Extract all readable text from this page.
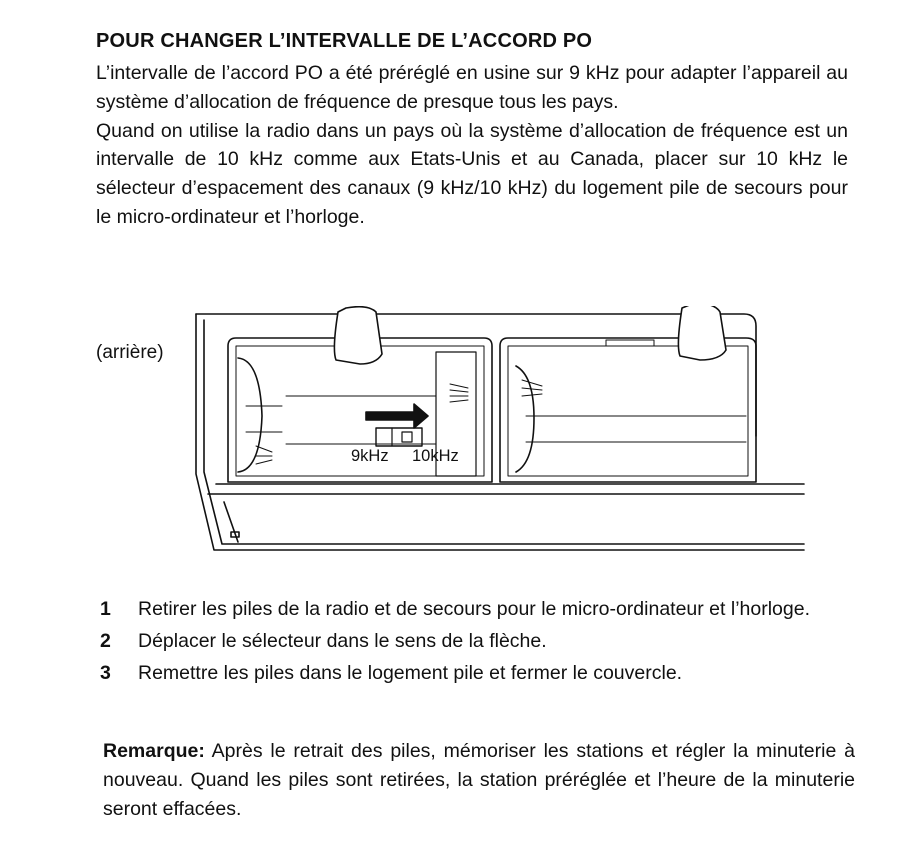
POUR CHANGER L’INTERVALLE DE L’ACCORD PO

L’intervalle de l’accord PO a été préréglé en usine sur 9 kHz pour adapter l’appareil au système d’allocation de fréquence de presque tous les pays.

Quand on utilise la radio dans un pays où la système d’allocation de fréquence est un intervalle de 10 kHz comme aux Etats-Unis et au Canada, placer sur 10 kHz le sélecteur d’espacement des canaux (9 kHz/10 kHz) du logement pile de secours pour le micro-ordinateur et l’horloge.

(arrière)
9kHz 10kHz
1 Retirer les piles de la radio et de secours pour le micro-ordinateur et l’horloge.
2 Déplacer le sélecteur dans le sens de la flèche.
3 Remettre les piles dans le logement pile et fermer le couvercle.

Remarque: Après le retrait des piles, mémoriser les stations et régler la minuterie à nouveau. Quand les piles sont retirées, la station préréglée et l’heure de la minuterie seront effacées.
